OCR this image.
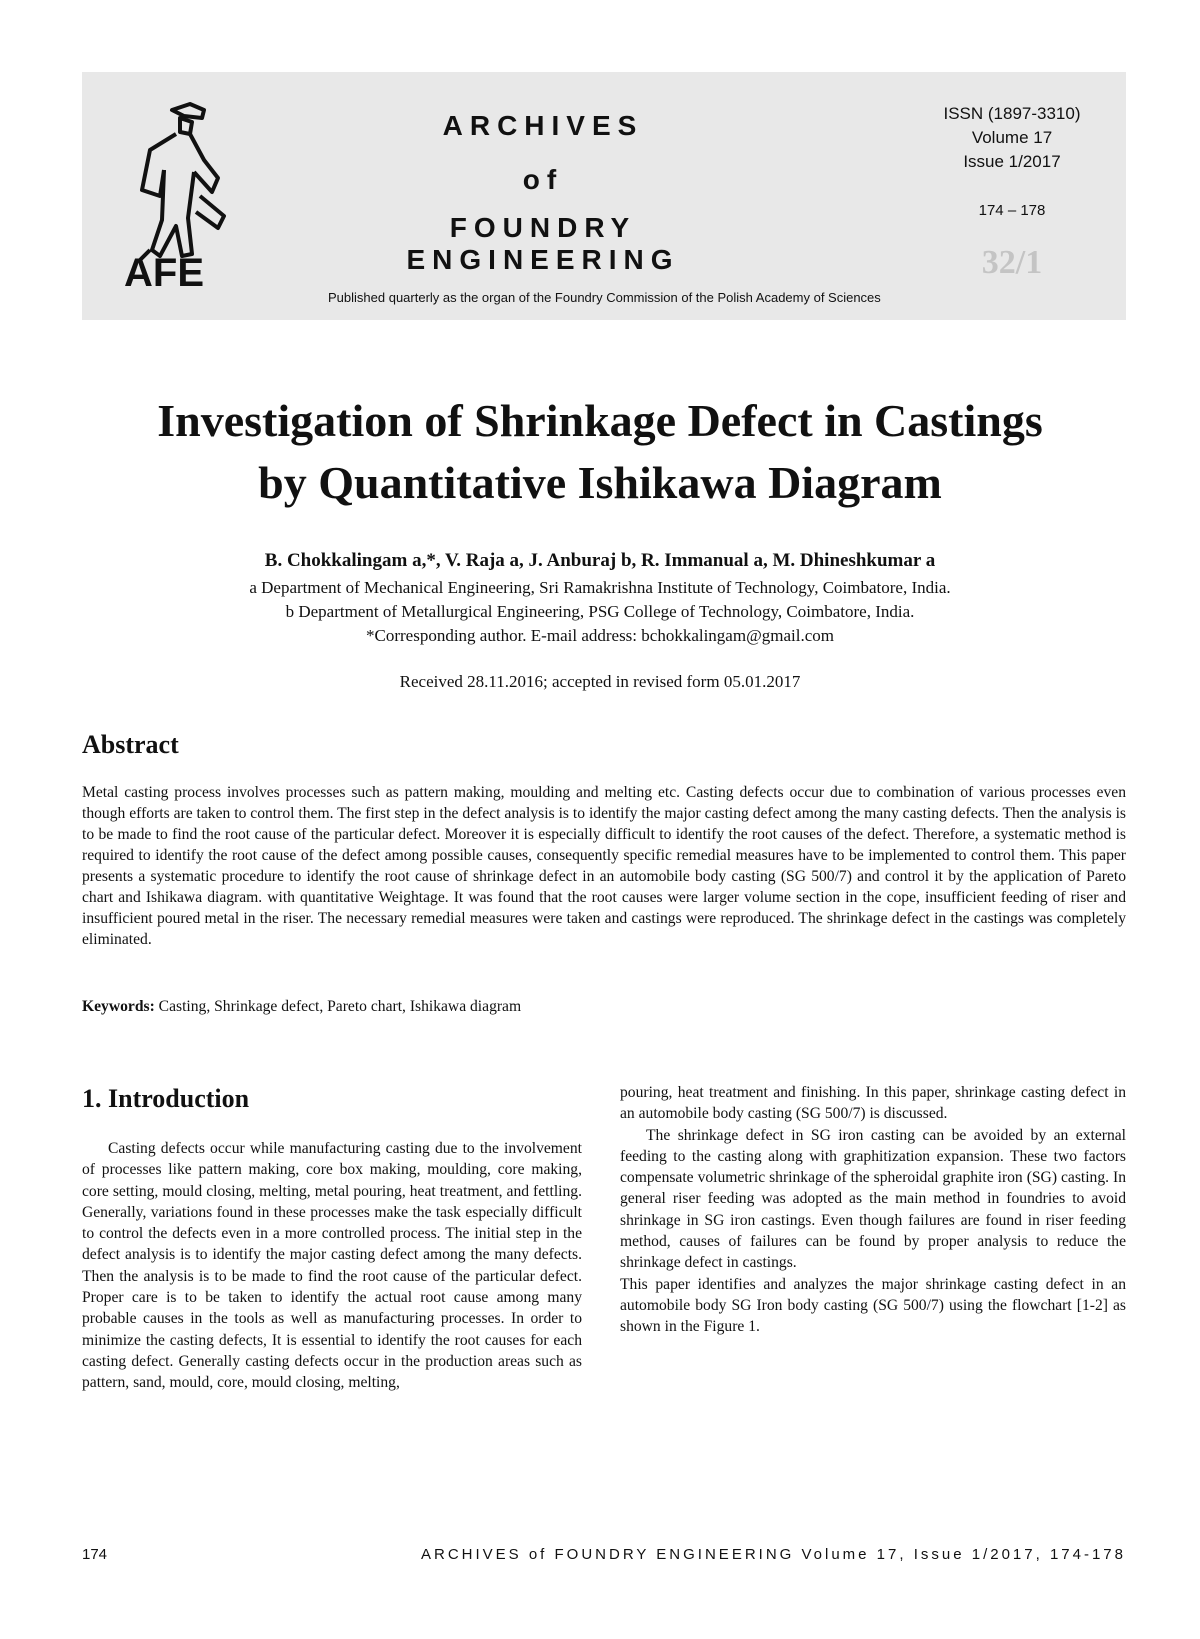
AFE
ARCHIVES
of
FOUNDRY ENGINEERING
Published quarterly as the organ of the Foundry Commission of the Polish Academy of Sciences
ISSN (1897-3310)
Volume 17
Issue 1/2017
174 – 178
32/1
Investigation of Shrinkage Defect in Castings
by Quantitative Ishikawa Diagram
B. Chokkalingam a,*, V. Raja a, J. Anburaj b, R. Immanual a, M. Dhineshkumar a
a Department of Mechanical Engineering, Sri Ramakrishna Institute of Technology, Coimbatore, India.
b Department of Metallurgical Engineering, PSG College of Technology, Coimbatore, India.
*Corresponding author. E-mail address: bchokkalingam@gmail.com
Received 28.11.2016; accepted in revised form 05.01.2017
Abstract

Metal casting process involves processes such as pattern making, moulding and melting etc. Casting defects occur due to combination of various processes even though efforts are taken to control them. The first step in the defect analysis is to identify the major casting defect among the many casting defects. Then the analysis is to be made to find the root cause of the particular defect. Moreover it is especially difficult to identify the root causes of the defect. Therefore, a systematic method is required to identify the root cause of the defect among possible causes, consequently specific remedial measures have to be implemented to control them. This paper presents a systematic procedure to identify the root cause of shrinkage defect in an automobile body casting (SG 500/7) and control it by the application of Pareto chart and Ishikawa diagram. with quantitative Weightage. It was found that the root causes were larger volume section in the cope, insufficient feeding of riser and insufficient poured metal in the riser. The necessary remedial measures were taken and castings were reproduced. The shrinkage defect in the castings was completely eliminated.

Keywords: Casting, Shrinkage defect, Pareto chart, Ishikawa diagram
1. Introduction

Casting defects occur while manufacturing casting due to the involvement of processes like pattern making, core box making, moulding, core making, core setting, mould closing, melting, metal pouring, heat treatment, and fettling. Generally, variations found in these processes make the task especially difficult to control the defects even in a more controlled process. The initial step in the defect analysis is to identify the major casting defect among the many defects. Then the analysis is to be made to find the root cause of the particular defect. Proper care is to be taken to identify the actual root cause among many probable causes in the tools as well as manufacturing processes. In order to minimize the casting defects, It is essential to identify the root causes for each casting defect. Generally casting defects occur in the production areas such as pattern, sand, mould, core, mould closing, melting,

pouring, heat treatment and finishing. In this paper, shrinkage casting defect in an automobile body casting (SG 500/7) is discussed.

The shrinkage defect in SG iron casting can be avoided by an external feeding to the casting along with graphitization expansion. These two factors compensate volumetric shrinkage of the spheroidal graphite iron (SG) casting. In general riser feeding was adopted as the main method in foundries to avoid shrinkage in SG iron castings. Even though failures are found in riser feeding method, causes of failures can be found by proper analysis to reduce the shrinkage defect in castings.

This paper identifies and analyzes the major shrinkage casting defect in an automobile body SG Iron body casting (SG 500/7) using the flowchart [1-2] as shown in the Figure 1.

174	ARCHIVES of FOUNDRY ENGINEERING Volume 17, Issue 1/2017, 174-178
